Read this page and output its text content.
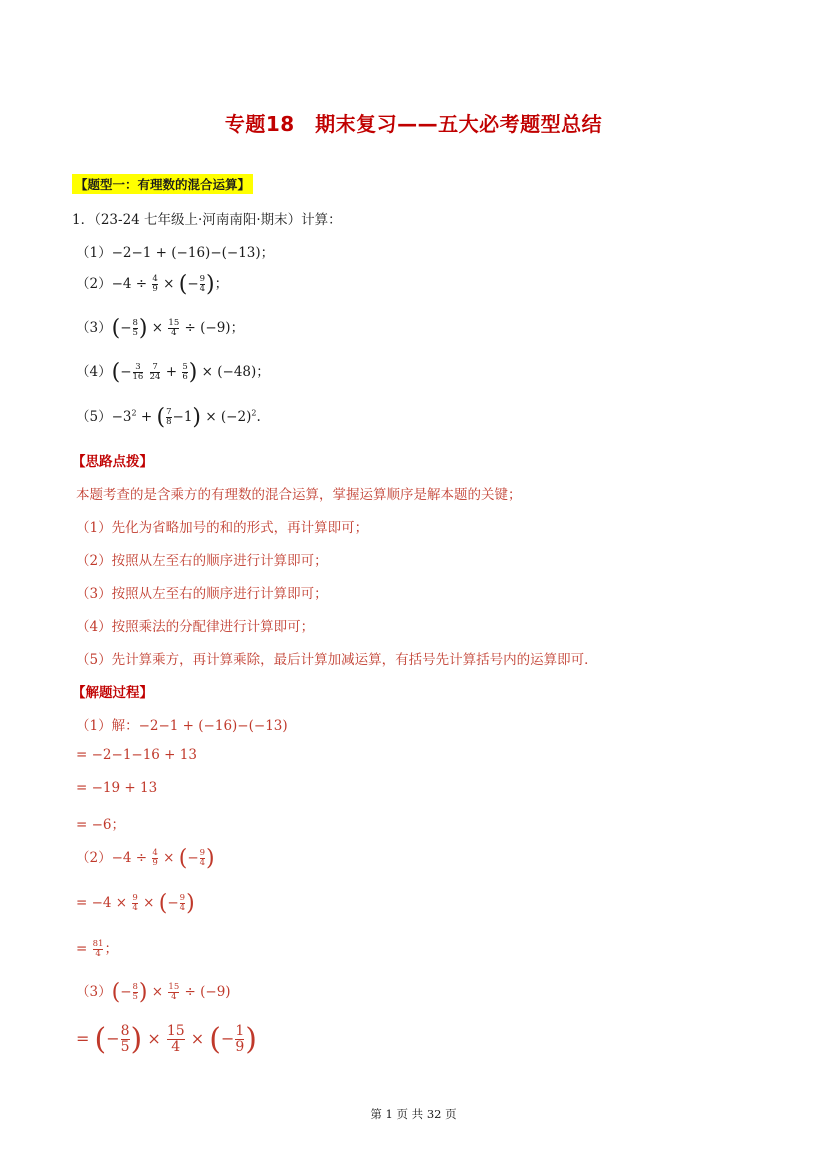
专题18　期末复习——五大必考题型总结
【题型一：有理数的混合运算】
1．（23-24 七年级上·河南南阳·期末）计算：
（1）−2−1 + (−16)−(−13)；
$(2)-4 \div \frac{4}{9}$ × (− $\frac{9}{4}$ )；
$(3)(- \frac{8}{5}$ ) × $\frac{15}{4} \div (-9)$；
$(4)(- \frac{3}{16}$
$\frac{7}{24} + \frac{5}{6}$ ) × (−48)；
$(5)-3^2$ + ( $\frac{7}{8} -1) \times (-2)^2$.
【思路点拨】
本题考查的是含乘方的有理数的混合运算，掌握运算顺序是解本题的关键；
（1）先化为省略加号的和的形式，再计算即可；
（2）按照从左至右的顺序进行计算即可；
（3）按照从左至右的顺序进行计算即可；
（4）按照乘法的分配律进行计算即可；
（5）先计算乘方，再计算乘除，最后计算加减运算，有括号先计算括号内的运算即可．
【解题过程】
（1）解：−2−1 + (−16)−(−13)
= −2−1−16 + 13
= −19 + 13
= −6；
$(2)-4 \div \frac{4}{9}$ × (− $\frac{9}{4}$ )
= $-4 \times \frac{9}{4}$ × (− $\frac{9}{4}$ )
= $\frac{81}{4}$ ；
$(3)(- \frac{8}{5}$ ) × $\frac{15}{4} \div (-9)$
= (− $\frac{8}{5}$ ) × $\frac{15}{4}$ × (− $\frac{1}{9}$ )
第 1 页 共 32 页
